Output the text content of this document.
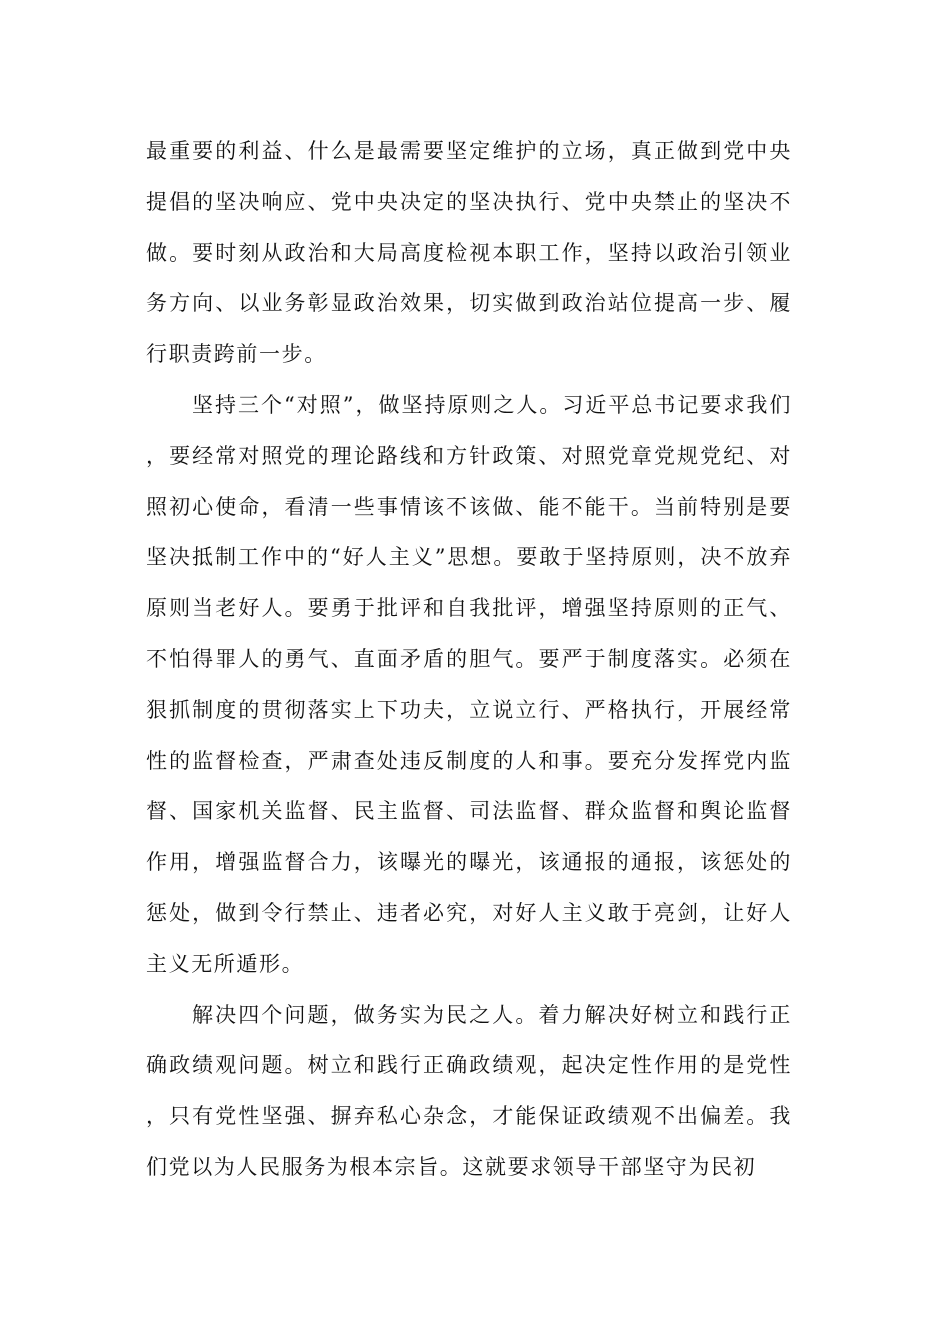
最重要的利益、什么是最需要坚定维护的立场，真正做到党中央提倡的坚决响应、党中央决定的坚决执行、党中央禁止的坚决不做。要时刻从政治和大局高度检视本职工作，坚持以政治引领业务方向、以业务彰显政治效果，切实做到政治站位提高一步、履行职责跨前一步。

坚持三个“对照”，做坚持原则之人。习近平总书记要求我们，要经常对照党的理论路线和方针政策、对照党章党规党纪、对照初心使命，看清一些事情该不该做、能不能干。当前特别是要坚决抵制工作中的“好人主义”思想。要敢于坚持原则，决不放弃原则当老好人。要勇于批评和自我批评，增强坚持原则的正气、不怕得罪人的勇气、直面矛盾的胆气。要严于制度落实。必须在狠抓制度的贯彻落实上下功夫，立说立行、严格执行，开展经常性的监督检查，严肃查处违反制度的人和事。要充分发挥党内监督、国家机关监督、民主监督、司法监督、群众监督和舆论监督作用，增强监督合力，该曝光的曝光，该通报的通报，该惩处的惩处，做到令行禁止、违者必究，对好人主义敢于亮剑，让好人主义无所遁形。

解决四个问题，做务实为民之人。着力解决好树立和践行正确政绩观问题。树立和践行正确政绩观，起决定性作用的是党性，只有党性坚强、摒弃私心杂念，才能保证政绩观不出偏差。我们党以为人民服务为根本宗旨。这就要求领导干部坚守为民初
